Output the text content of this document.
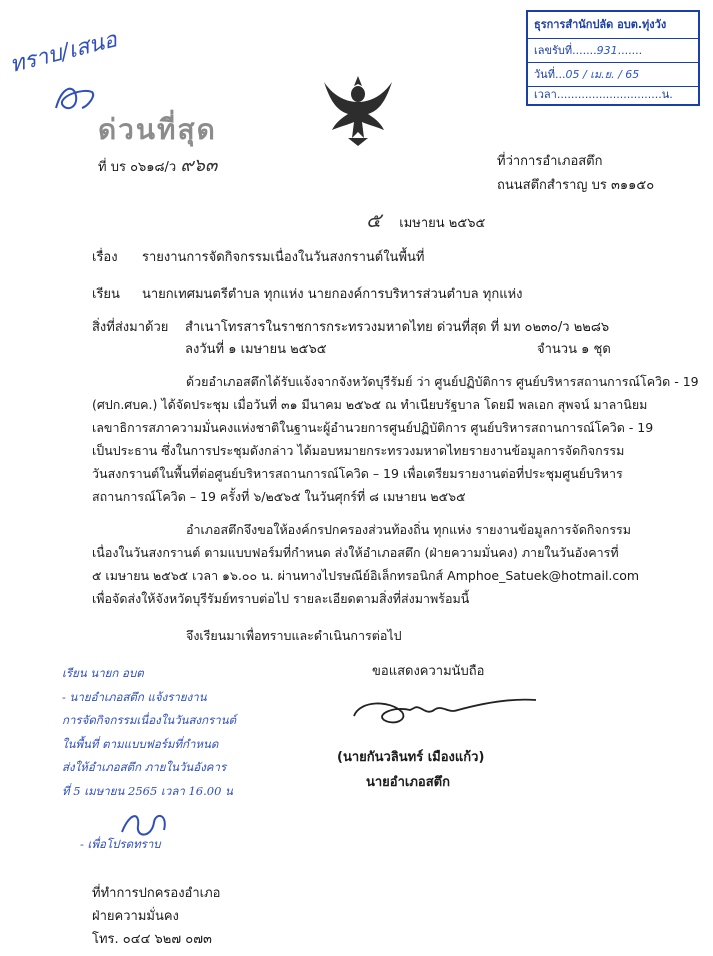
ธุรการสำนักปลัด อบต.ทุ่งวัง
เลขรับที่.......931.......
วันที่...05 / เม.ย. / 65
เวลา..............................น.
ทราบ/เสนอ
ด่วนที่สุด
ที่ บร ๐๖๑๘/ว ๙๖๓	ที่ว่าการอำเภอสตึก
ถนนสตึกสำราญ บร ๓๑๑๕๐
๕ เมษายน ๒๕๖๕
เรื่อง รายงานการจัดกิจกรรมเนื่องในวันสงกรานต์ในพื้นที่
เรียน นายกเทศมนตรีตำบล ทุกแห่ง นายกองค์การบริหารส่วนตำบล ทุกแห่ง
สิ่งที่ส่งมาด้วย สำเนาโทรสารในราชการกระทรวงมหาดไทย ด่วนที่สุด ที่ มท ๐๒๓๐/ว ๒๒๘๖
ลงวันที่ ๑ เมษายน ๒๕๖๕	จำนวน ๑ ชุด
ด้วยอำเภอสตึกได้รับแจ้งจากจังหวัดบุรีรัมย์ ว่า ศูนย์ปฏิบัติการ ศูนย์บริหารสถานการณ์โควิด - 19
(ศปก.ศบค.) ได้จัดประชุม เมื่อวันที่ ๓๑ มีนาคม ๒๕๖๕ ณ ทำเนียบรัฐบาล โดยมี พลเอก สุพจน์ มาลานิยม
เลขาธิการสภาความมั่นคงแห่งชาติในฐานะผู้อำนวยการศูนย์ปฏิบัติการ ศูนย์บริหารสถานการณ์โควิด - 19
เป็นประธาน ซึ่งในการประชุมดังกล่าว ได้มอบหมายกระทรวงมหาดไทยรายงานข้อมูลการจัดกิจกรรม
วันสงกรานต์ในพื้นที่ต่อศูนย์บริหารสถานการณ์โควิด – 19 เพื่อเตรียมรายงานต่อที่ประชุมศูนย์บริหาร
สถานการณ์โควิด – 19 ครั้งที่ ๖/๒๕๖๕ ในวันศุกร์ที่ ๘ เมษายน ๒๕๖๕
อำเภอสตึกจึงขอให้องค์กรปกครองส่วนท้องถิ่น ทุกแห่ง รายงานข้อมูลการจัดกิจกรรม
เนื่องในวันสงกรานต์ ตามแบบฟอร์มที่กำหนด ส่งให้อำเภอสตึก (ฝ่ายความมั่นคง) ภายในวันอังคารที่
๕ เมษายน ๒๕๖๕ เวลา ๑๖.๐๐ น. ผ่านทางไปรษณีย์อิเล็กทรอนิกส์ Amphoe_Satuek@hotmail.com
เพื่อจัดส่งให้จังหวัดบุรีรัมย์ทราบต่อไป รายละเอียดตามสิ่งที่ส่งมาพร้อมนี้
จึงเรียนมาเพื่อทราบและดำเนินการต่อไป
ขอแสดงความนับถือ
(นายกันวลินทร์ เมืองแก้ว)
นายอำเภอสตึก
เรียน นายก อบต
- นายอำเภอสตึก แจ้งรายงาน
การจัดกิจกรรมเนื่องในวันสงกรานต์
ในพื้นที่ ตามแบบฟอร์มที่กำหนด
ส่งให้อำเภอสตึก ภายในวันอังคาร
ที่ 5 เมษายน 2565 เวลา 16.00 น
- เพื่อโปรดทราบ
ที่ทำการปกครองอำเภอ
ฝ่ายความมั่นคง
โทร. ๐๔๔ ๖๒๗ ๐๗๓
